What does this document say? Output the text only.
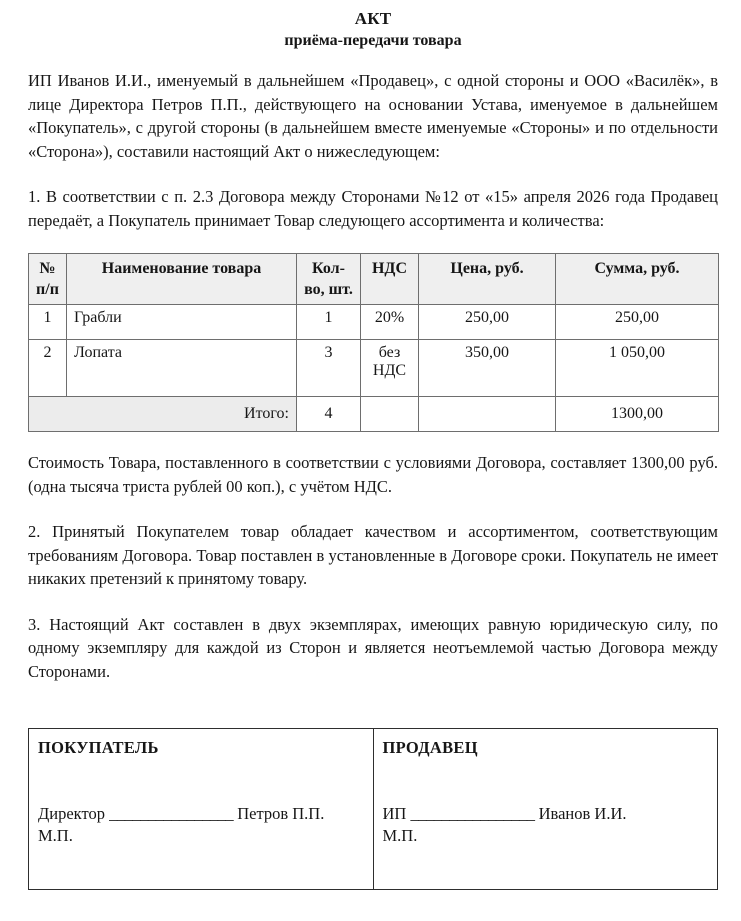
АКТ
приёма-передачи товара

ИП Иванов И.И., именуемый в дальнейшем «Продавец», с одной стороны и ООО «Василёк», в лице Директора Петров П.П., действующего на основании Устава, именуемое в дальнейшем «Покупатель», с другой стороны (в дальнейшем вместе именуемые «Стороны» и по отдельности «Сторона»), составили настоящий Акт о нижеследующем:

1. В соответствии с п. 2.3 Договора между Сторонами №12 от «15» апреля 2026 года Продавец передаёт, а Покупатель принимает Товар следующего ассортимента и количества:

№ п/п	Наименование товара	Кол-во, шт.	НДС	Цена, руб.	Сумма, руб.
1	Грабли	1	20%	250,00	250,00
2	Лопата	3	без НДС	350,00	1 050,00
Итого:		4			1300,00

Стоимость Товара, поставленного в соответствии с условиями Договора, составляет 1300,00 руб. (одна тысяча триста рублей 00 коп.), с учётом НДС.

2. Принятый Покупателем товар обладает качеством и ассортиментом, соответствующим требованиям Договора. Товар поставлен в установленные в Договоре сроки. Покупатель не имеет никаких претензий к принятому товару.

3. Настоящий Акт составлен в двух экземплярах, имеющих равную юридическую силу, по одному экземпляру для каждой из Сторон и является неотъемлемой частью Договора между Сторонами.

ПОКУПАТЕЛЬ
Директор ________________ Петров П.П.
М.П.

ПРОДАВЕЦ
ИП ________________ Иванов И.И.
М.П.
